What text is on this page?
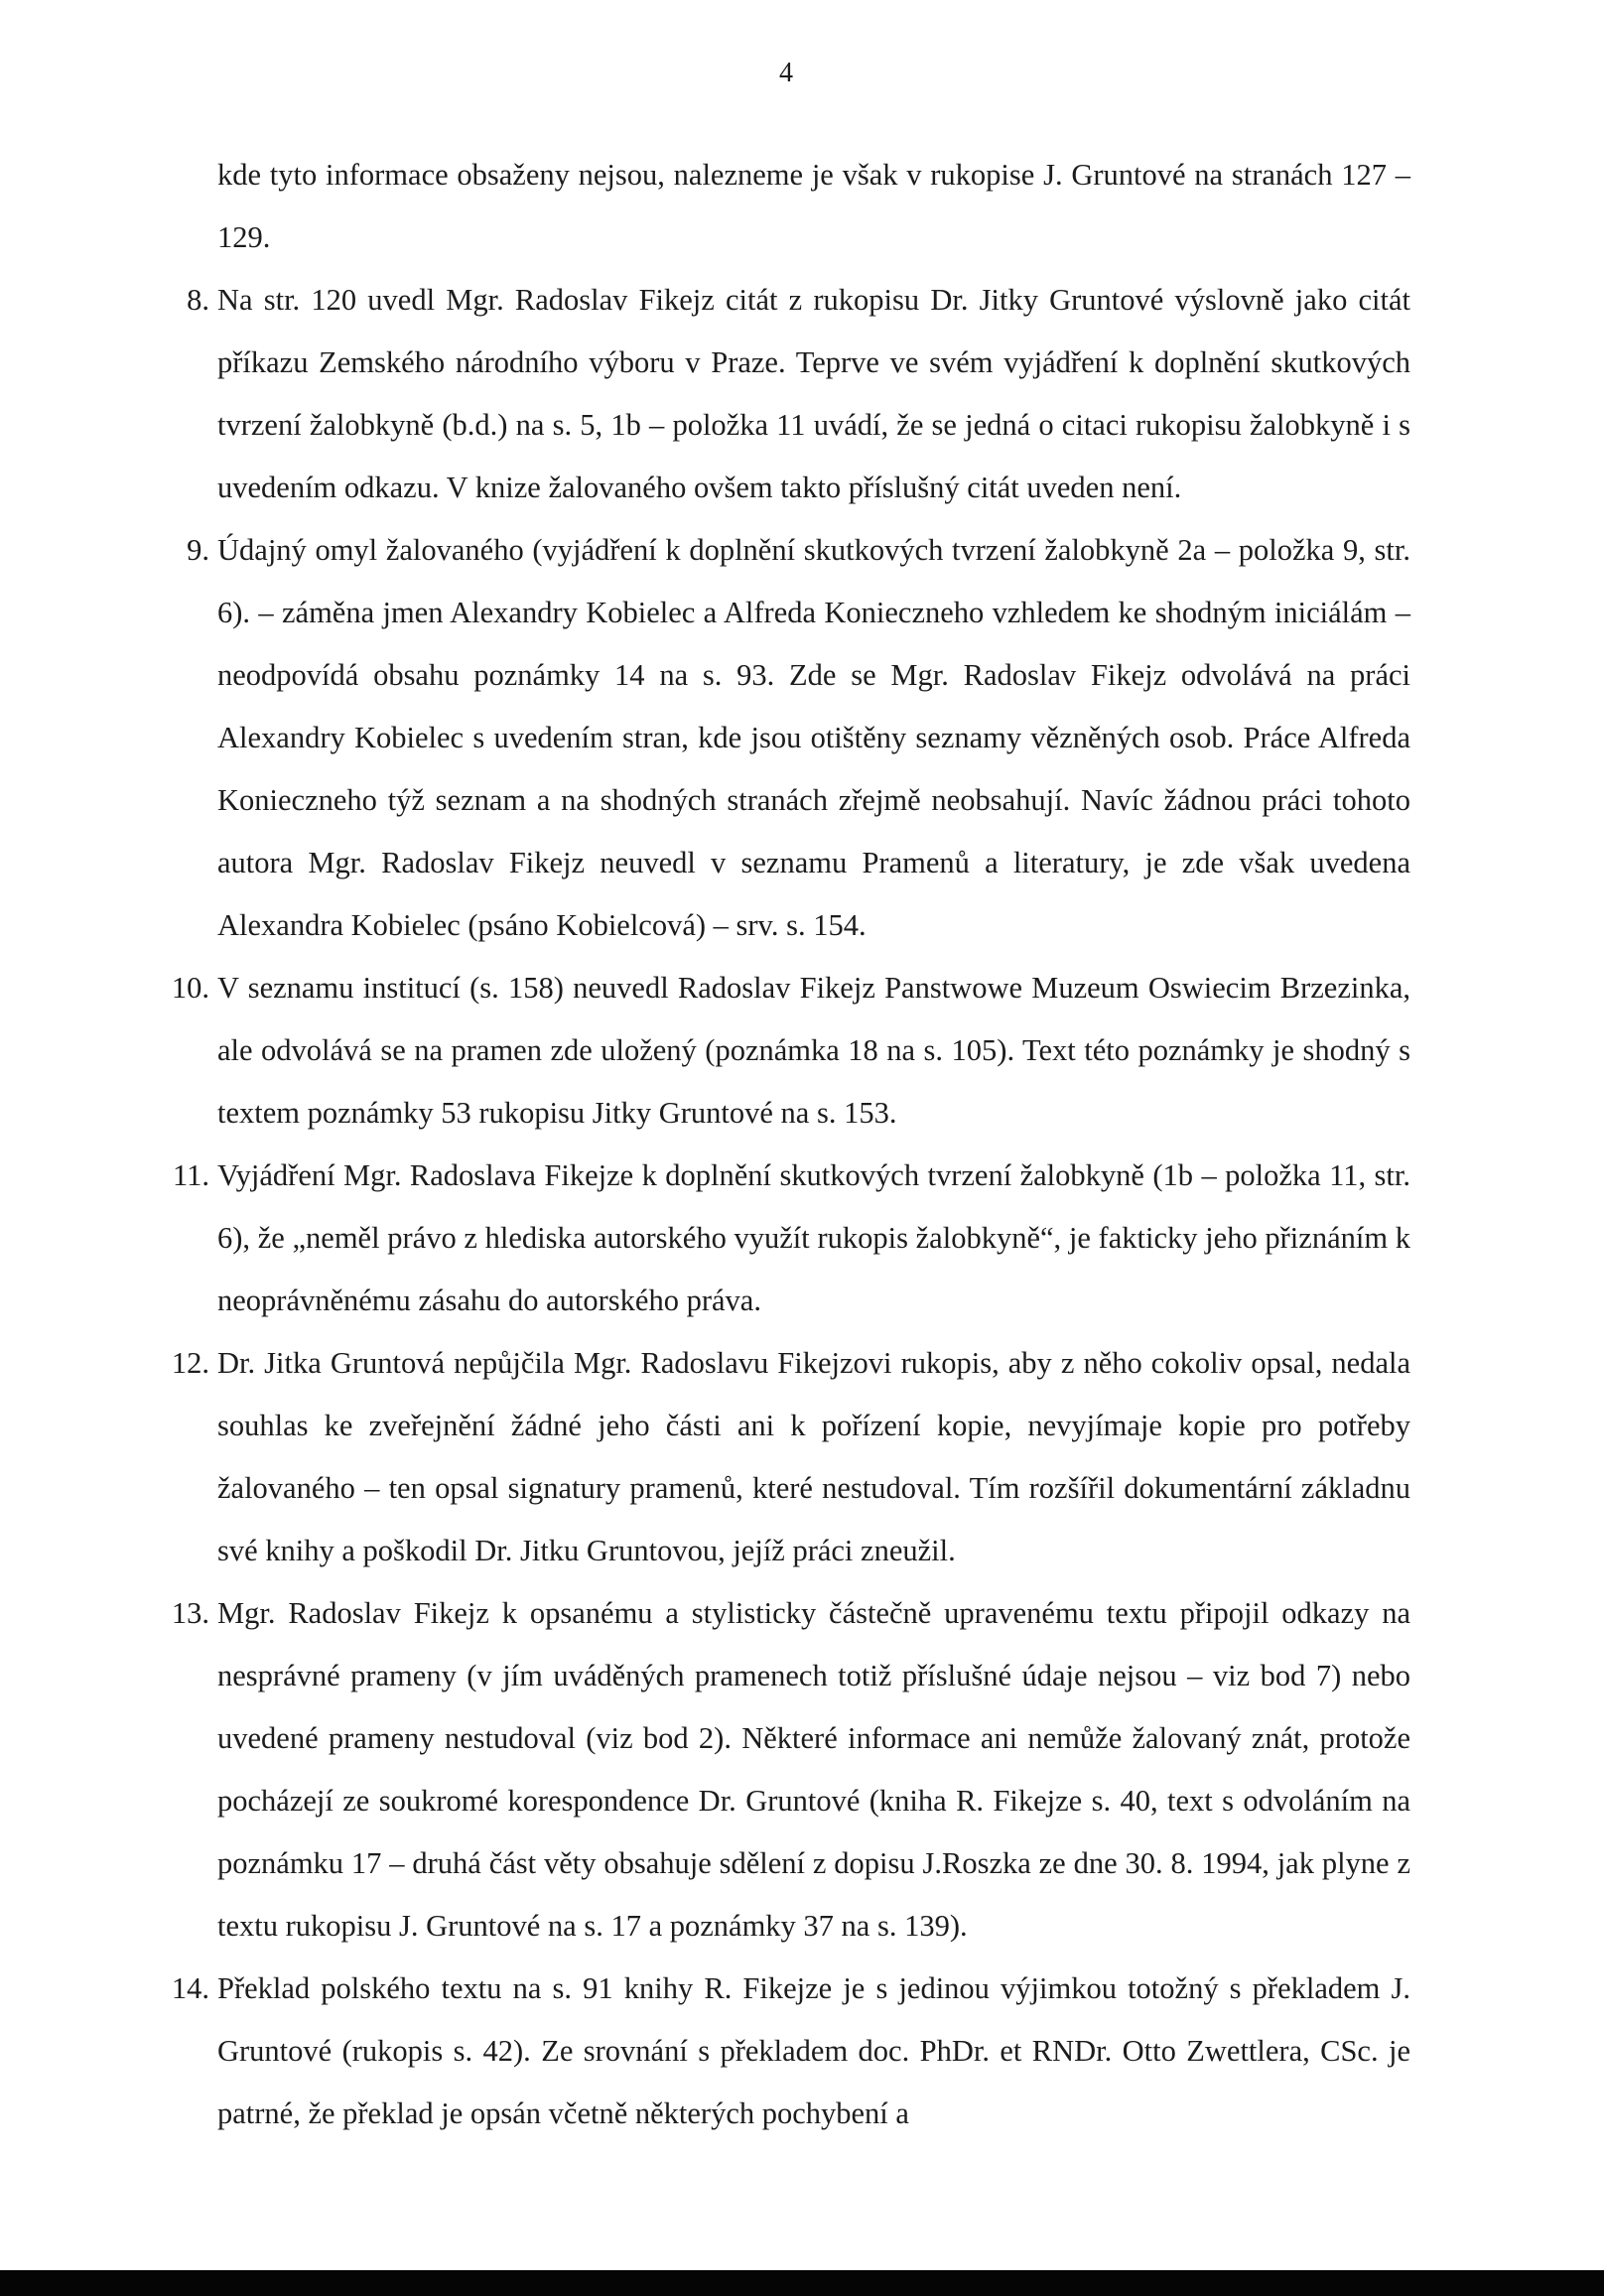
4
kde tyto informace obsaženy nejsou, nalezneme je však v rukopise J. Gruntové na stranách 127 – 129.
8. Na str. 120 uvedl Mgr. Radoslav Fikejz citát z rukopisu Dr. Jitky Gruntové výslovně jako citát příkazu Zemského národního výboru v Praze. Teprve ve svém vyjádření k doplnění skutkových tvrzení žalobkyně (b.d.) na s. 5, 1b – položka 11 uvádí, že se jedná o citaci rukopisu žalobkyně i s uvedením odkazu. V knize žalovaného ovšem takto příslušný citát uveden není.
9. Údajný omyl žalovaného (vyjádření k doplnění skutkových tvrzení žalobkyně 2a – položka 9, str. 6). – záměna jmen Alexandry Kobielec a Alfreda Konieczneho vzhledem ke shodným iniciálám – neodpovídá obsahu poznámky 14 na s. 93. Zde se Mgr. Radoslav Fikejz odvolává na práci Alexandry Kobielec s uvedením stran, kde jsou otištěny seznamy vězněných osob. Práce Alfreda Konieczneho týž seznam a na shodných stranách zřejmě neobsahují. Navíc žádnou práci tohoto autora Mgr. Radoslav Fikejz neuvedl v seznamu Pramenů a literatury, je zde však uvedena Alexandra Kobielec (psáno Kobielcová) – srv. s. 154.
10. V seznamu institucí (s. 158) neuvedl Radoslav Fikejz Panstwowe Muzeum Oswiecim Brzezinka, ale odvolává se na pramen zde uložený (poznámka 18 na s. 105). Text této poznámky je shodný s textem poznámky 53 rukopisu Jitky Gruntové na s. 153.
11. Vyjádření Mgr. Radoslava Fikejze k doplnění skutkových tvrzení žalobkyně (1b – položka 11, str. 6), že „neměl právo z hlediska autorského využít rukopis žalobkyně“, je fakticky jeho přiznáním k neoprávněnému zásahu do autorského práva.
12. Dr. Jitka Gruntová nepůjčila Mgr. Radoslavu Fikejzovi rukopis, aby z něho cokoliv opsal, nedala souhlas ke zveřejnění žádné jeho části ani k pořízení kopie, nevyjímaje kopie pro potřeby žalovaného – ten opsal signatury pramenů, které nestudoval. Tím rozšířil dokumentární základnu své knihy a poškodil Dr. Jitku Gruntovou, jejíž práci zneužil.
13. Mgr. Radoslav Fikejz k opsanému a stylisticky částečně upravenému textu připojil odkazy na nesprávné prameny (v jím uváděných pramenech totiž příslušné údaje nejsou – viz bod 7) nebo uvedené prameny nestudoval (viz bod 2). Některé informace ani nemůže žalovaný znát, protože pocházejí ze soukromé korespondence Dr. Gruntové (kniha R. Fikejze s. 40, text s odvoláním na poznámku 17 – druhá část věty obsahuje sdělení z dopisu J.Roszka ze dne 30. 8. 1994, jak plyne z textu rukopisu J. Gruntové na s. 17 a poznámky 37 na s. 139).
14. Překlad polského textu na s. 91 knihy R. Fikejze je s jedinou výjimkou totožný s překladem J. Gruntové (rukopis s. 42). Ze srovnání s překladem doc. PhDr. et RNDr. Otto Zwettlera, CSc. je patrné, že překlad je opsán včetně některých pochybení a
